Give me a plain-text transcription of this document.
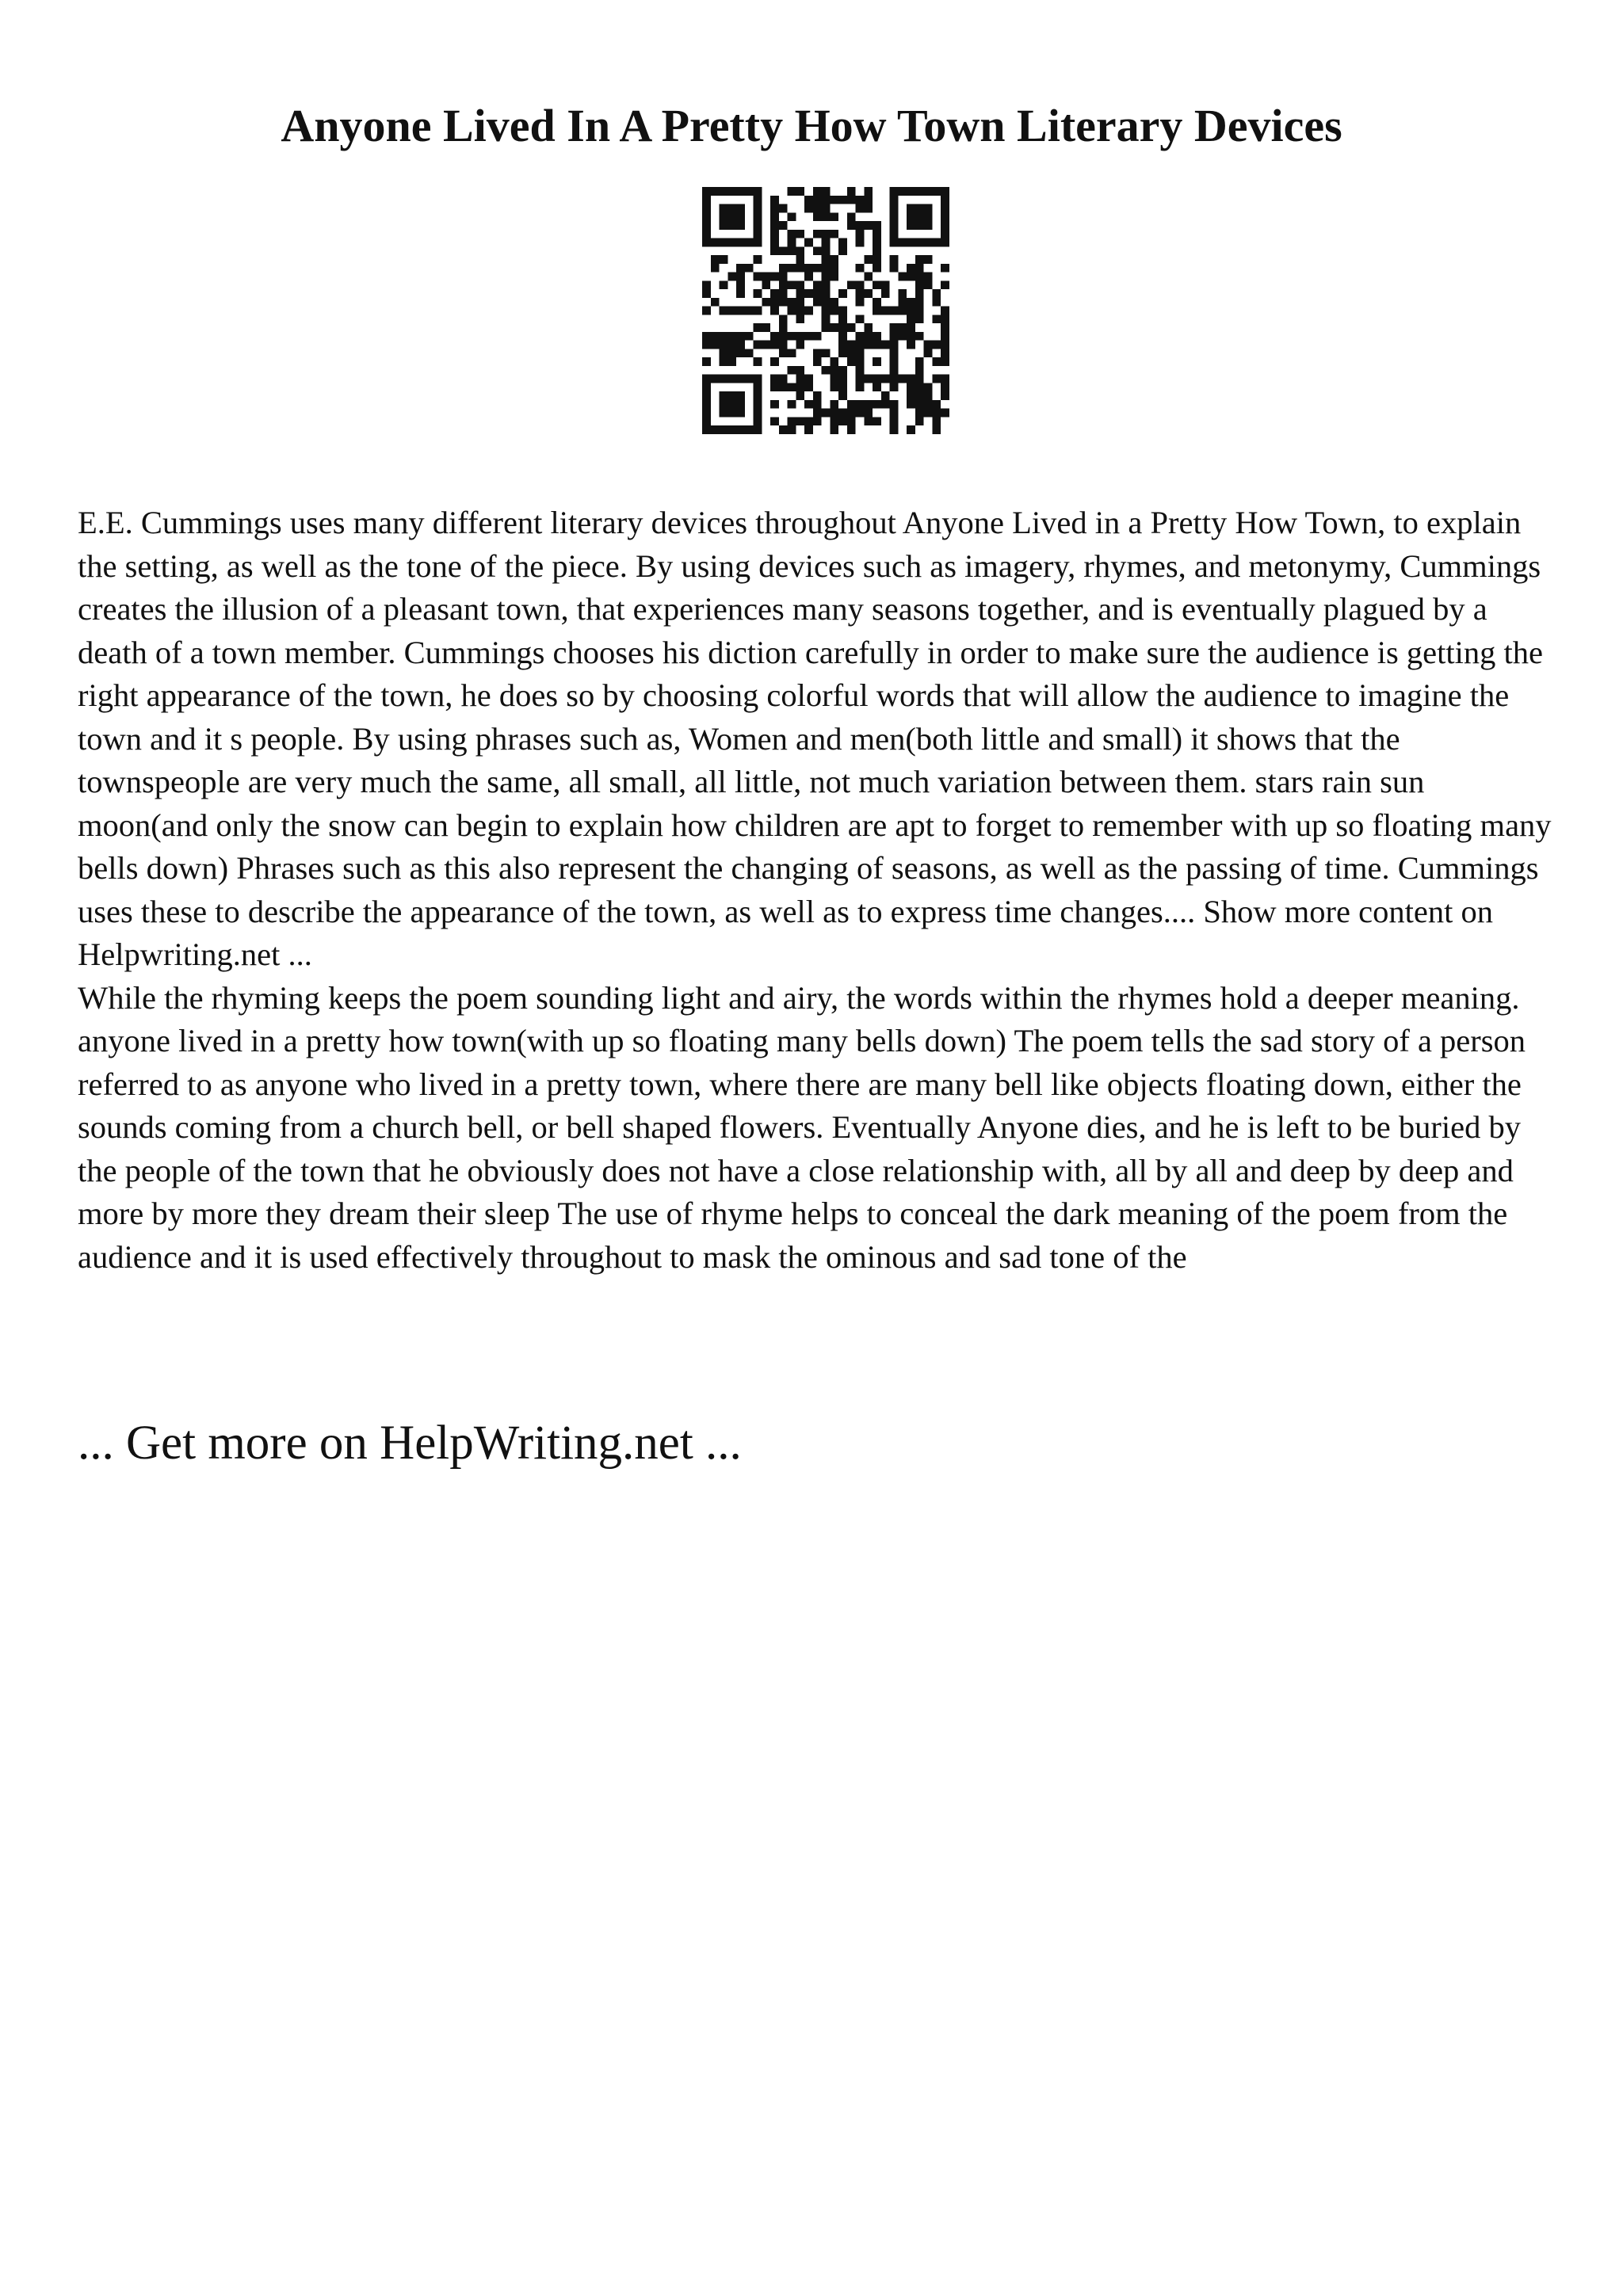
Anyone Lived In A Pretty How Town Literary Devices

E.E. Cummings uses many different literary devices throughout Anyone Lived in a Pretty How Town, to explain the setting, as well as the tone of the piece. By using devices such as imagery, rhymes, and metonymy, Cummings creates the illusion of a pleasant town, that experiences many seasons together, and is eventually plagued by a death of a town member. Cummings chooses his diction carefully in order to make sure the audience is getting the right appearance of the town, he does so by choosing colorful words that will allow the audience to imagine the town and it s people. By using phrases such as, Women and men(both little and small) it shows that the townspeople are very much the same, all small, all little, not much variation between them. stars rain sun moon(and only the snow can begin to explain how children are apt to forget to remember with up so floating many bells down) Phrases such as this also represent the changing of seasons, as well as the passing of time. Cummings uses these to describe the appearance of the town, as well as to express time changes.... Show more content on Helpwriting.net ...

While the rhyming keeps the poem sounding light and airy, the words within the rhymes hold a deeper meaning. anyone lived in a pretty how town(with up so floating many bells down) The poem tells the sad story of a person referred to as anyone who lived in a pretty town, where there are many bell like objects floating down, either the sounds coming from a church bell, or bell shaped flowers. Eventually Anyone dies, and he is left to be buried by the people of the town that he obviously does not have a close relationship with, all by all and deep by deep and more by more they dream their sleep The use of rhyme helps to conceal the dark meaning of the poem from the audience and it is used effectively throughout to mask the ominous and sad tone of the

... Get more on HelpWriting.net ...
